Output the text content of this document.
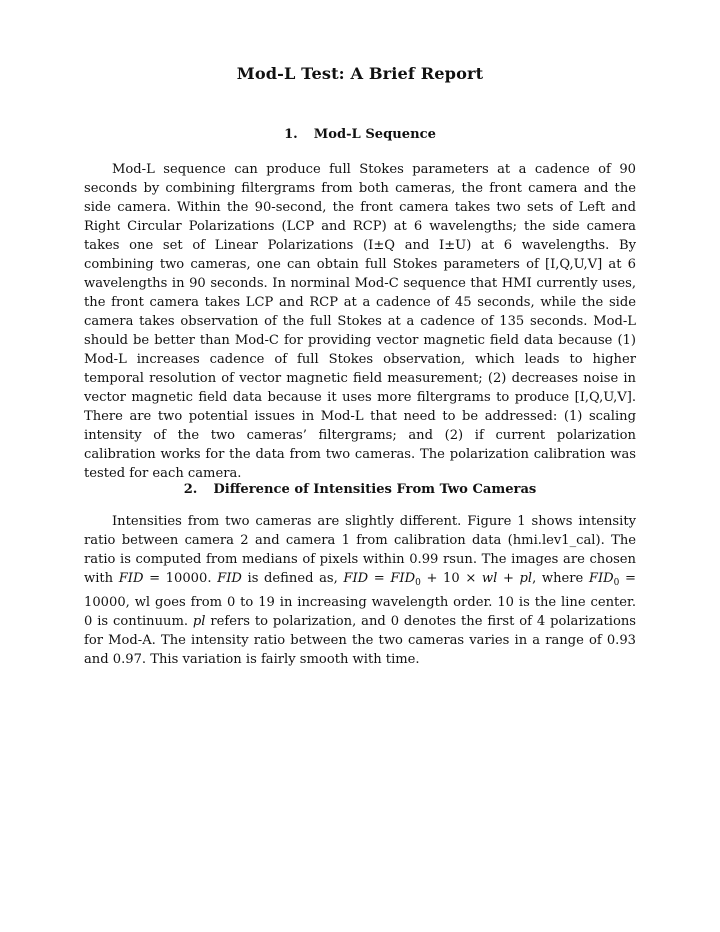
Mod-L Test: A Brief Report
1. Mod-L Sequence

Mod-L sequence can produce full Stokes parameters at a cadence of 90 seconds by combining filtergrams from both cameras, the front camera and the side camera. Within the 90-second, the front camera takes two sets of Left and Right Circular Polarizations (LCP and RCP) at 6 wavelengths; the side camera takes one set of Linear Polarizations (I±Q and I±U) at 6 wavelengths. By combining two cameras, one can obtain full Stokes parameters of [I,Q,U,V] at 6 wavelengths in 90 seconds. In norminal Mod-C sequence that HMI currently uses, the front camera takes LCP and RCP at a cadence of 45 seconds, while the side camera takes observation of the full Stokes at a cadence of 135 seconds. Mod-L should be better than Mod-C for providing vector magnetic field data because (1) Mod-L increases cadence of full Stokes observation, which leads to higher temporal resolution of vector magnetic field measurement; (2) decreases noise in vector magnetic field data because it uses more filtergrams to produce [I,Q,U,V]. There are two potential issues in Mod-L that need to be addressed: (1) scaling intensity of the two cameras’ filtergrams; and (2) if current polarization calibration works for the data from two cameras. The polarization calibration was tested for each camera.

2. Difference of Intensities From Two Cameras

Intensities from two cameras are slightly different. Figure 1 shows intensity ratio between camera 2 and camera 1 from calibration data (hmi.lev1_cal). The ratio is computed from medians of pixels within 0.99 rsun. The images are chosen with FID = 10000. FID is defined as, FID = $FID_0 + 10$ × wl + pl, where $FID_0 = 10000$, wl goes from 0 to 19 in increasing wavelength order. 10 is the line center. 0 is continuum. pl refers to polarization, and 0 denotes the first of 4 polarizations for Mod-A. The intensity ratio between the two cameras varies in a range of 0.93 and 0.97. This variation is fairly smooth with time.
